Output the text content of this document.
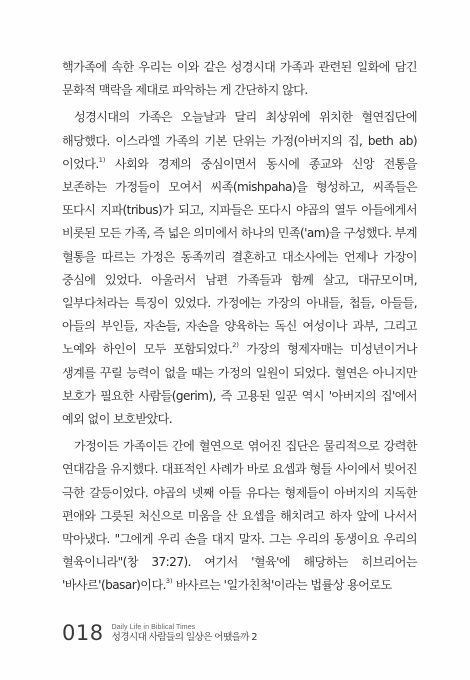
핵가족에 속한 우리는 이와 같은 성경시대 가족과 관련된 일화에 담긴 문화적 맥락을 제대로 파악하는 게 간단하지 않다.

성경시대의 가족은 오늘날과 달리 최상위에 위치한 혈연집단에 해당했다. 이스라엘 가족의 기본 단위는 가정(아버지의 집, beth ab)이었다.$^{1)}$ 사회와 경제의 중심이면서 동시에 종교와 신앙 전통을 보존하는 가정들이 모여서 씨족(mishpaha)을 형성하고, 씨족들은 또다시 지파(tribus)가 되고, 지파들은 또다시 야곱의 열두 아들에게서 비롯된 모든 가족, 즉 넓은 의미에서 하나의 민족('am)을 구성했다. 부계 혈통을 따르는 가정은 동족끼리 결혼하고 대소사에는 언제나 가장이 중심에 있었다. 아울러서 남편 가족들과 함께 살고, 대규모이며, 일부다처라는 특징이 있었다. 가정에는 가장의 아내들, 첩들, 아들들, 아들의 부인들, 자손들, 자손을 양육하는 독신 여성이나 과부, 그리고 노예와 하인이 모두 포함되었다.$^{2)}$ 가장의 형제자매는 미성년이거나 생계를 꾸릴 능력이 없을 때는 가정의 일원이 되었다. 혈연은 아니지만 보호가 필요한 사람들(gerim), 즉 고용된 일꾼 역시 '아버지의 집'에서 예외 없이 보호받았다.

가정이든 가족이든 간에 혈연으로 엮어진 집단은 물리적으로 강력한 연대감을 유지했다. 대표적인 사례가 바로 요셉과 형들 사이에서 빚어진 극한 갈등이었다. 야곱의 넷째 아들 유다는 형제들이 아버지의 지독한 편애와 그릇된 처신으로 미움을 산 요셉을 해치려고 하자 앞에 나서서 막아냈다. "그에게 우리 손을 대지 말자. 그는 우리의 동생이요 우리의 혈육이니라"(창 37:27). 여기서 '혈육'에 해당하는 히브리어는 '바사르'(basar)이다.$^{3)}$ 바사르는 '일가친척'이라는 법률상 용어로도

018 Daily Life in Biblical Times
성경시대 사람들의 일상은 어땠을까 2
